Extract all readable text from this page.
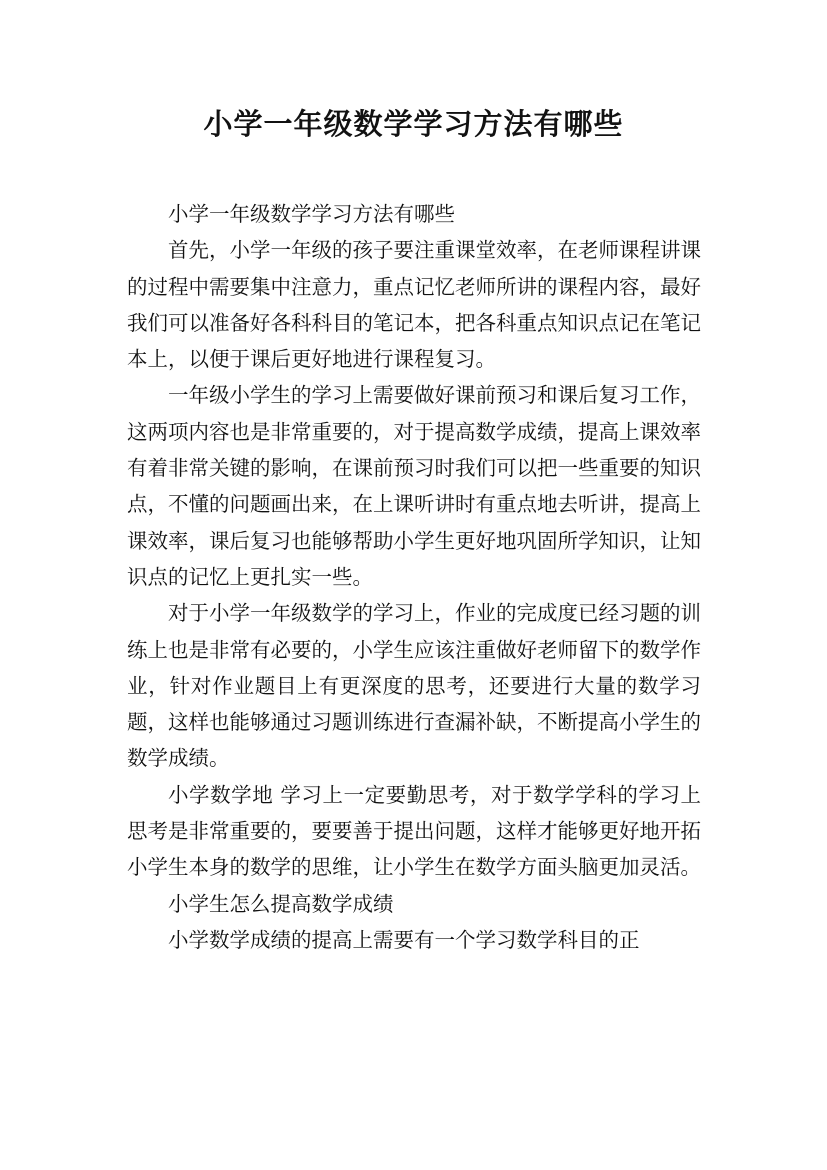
小学一年级数学学习方法有哪些

小学一年级数学学习方法有哪些

首先，小学一年级的孩子要注重课堂效率，在老师课程讲课的过程中需要集中注意力，重点记忆老师所讲的课程内容，最好我们可以准备好各科科目的笔记本，把各科重点知识点记在笔记本上，以便于课后更好地进行课程复习。

一年级小学生的学习上需要做好课前预习和课后复习工作，这两项内容也是非常重要的，对于提高数学成绩，提高上课效率有着非常关键的影响，在课前预习时我们可以把一些重要的知识点，不懂的问题画出来，在上课听讲时有重点地去听讲，提高上课效率，课后复习也能够帮助小学生更好地巩固所学知识，让知识点的记忆上更扎实一些。

对于小学一年级数学的学习上，作业的完成度已经习题的训练上也是非常有必要的，小学生应该注重做好老师留下的数学作业，针对作业题目上有更深度的思考，还要进行大量的数学习题，这样也能够通过习题训练进行查漏补缺，不断提高小学生的数学成绩。

小学数学地 学习上一定要勤思考，对于数学学科的学习上思考是非常重要的，要要善于提出问题，这样才能够更好地开拓小学生本身的数学的思维，让小学生在数学方面头脑更加灵活。

小学生怎么提高数学成绩

小学数学成绩的提高上需要有一个学习数学科目的正
